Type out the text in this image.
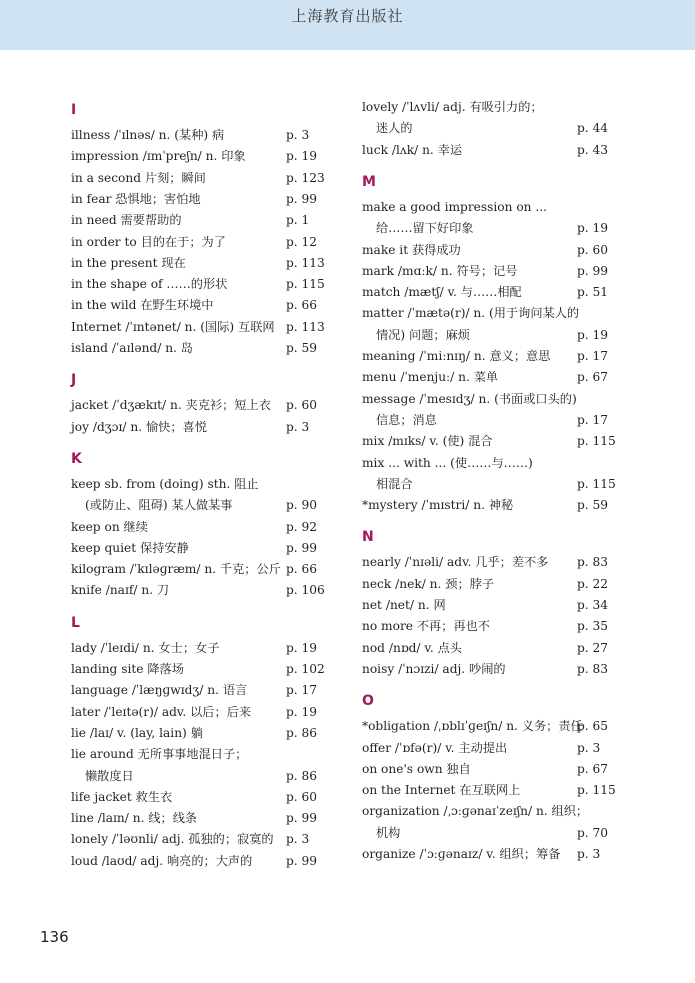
上海教育出版社
I
illness /ˈɪlnəs/ n. (某种) 病	p. 3
impression /ɪmˈpreʃn/ n. 印象	p. 19
in a second 片刻；瞬间	p. 123
in fear 恐惧地；害怕地	p. 99
in need 需要帮助的	p. 1
in order to 目的在于；为了	p. 12
in the present 现在	p. 113
in the shape of ……的形状	p. 115
in the wild 在野生环境中	p. 66
Internet /ˈɪntənet/ n. (国际) 互联网 p. 113
island /ˈaɪlənd/ n. 岛	p. 59
J
jacket /ˈdʒækɪt/ n. 夹克衫；短上衣 p. 60
joy /dʒɔɪ/ n. 愉快；喜悦	p. 3
K
keep sb. from (doing) sth. 阻止
(或防止、阻碍) 某人做某事	p. 90
keep on 继续	p. 92
keep quiet 保持安静	p. 99
kilogram /ˈkɪləɡræm/ n. 千克；公斤 p. 66
knife /naɪf/ n. 刀	p. 106
L
lady /ˈleɪdi/ n. 女士；女子	p. 19
landing site 降落场	p. 102
language /ˈlæŋɡwɪdʒ/ n. 语言	p. 17
later /ˈleɪtə(r)/ adv. 以后；后来	p. 19
lie /laɪ/ v. (lay, lain) 躺	p. 86
lie around 无所事事地混日子；
懒散度日	p. 86
life jacket 救生衣	p. 60
line /laɪn/ n. 线；线条	p. 99
lonely /ˈləʊnli/ adj. 孤独的；寂寞的 p. 3
loud /laʊd/ adj. 响亮的；大声的	p. 99
lovely /ˈlʌvli/ adj. 有吸引力的；
迷人的	p. 44
luck /lʌk/ n. 幸运	p. 43
M
make a good impression on ...
给……留下好印象	p. 19
make it 获得成功	p. 60
mark /mɑːk/ n. 符号；记号	p. 99
match /mætʃ/ v. 与……相配	p. 51
matter /ˈmætə(r)/ n. (用于询问某人的
情况) 问题；麻烦	p. 19
meaning /ˈmiːnɪŋ/ n. 意义；意思 p. 17
menu /ˈmenjuː/ n. 菜单	p. 67
message /ˈmesɪdʒ/ n. (书面或口头的)
信息；消息	p. 17
mix /mɪks/ v. (使) 混合	p. 115
mix ... with ... (使……与……)
相混合	p. 115
*mystery /ˈmɪstri/ n. 神秘	p. 59
N
nearly /ˈnɪəli/ adv. 几乎；差不多 p. 83
neck /nek/ n. 颈；脖子	p. 22
net /net/ n. 网	p. 34
no more 不再；再也不	p. 35
nod /nɒd/ v. 点头	p. 27
noisy /ˈnɔɪzi/ adj. 吵闹的	p. 83
O
*obligation /ˌɒblɪˈɡeɪʃn/ n. 义务；责任
p. 65
offer /ˈɒfə(r)/ v. 主动提出	p. 3
on one's own 独自	p. 67
on the Internet 在互联网上	p. 115
organization /ˌɔːɡənaɪˈzeɪʃn/ n. 组织；
机构	p. 70
organize /ˈɔːɡənaɪz/ v. 组织；筹备 p. 3
136
